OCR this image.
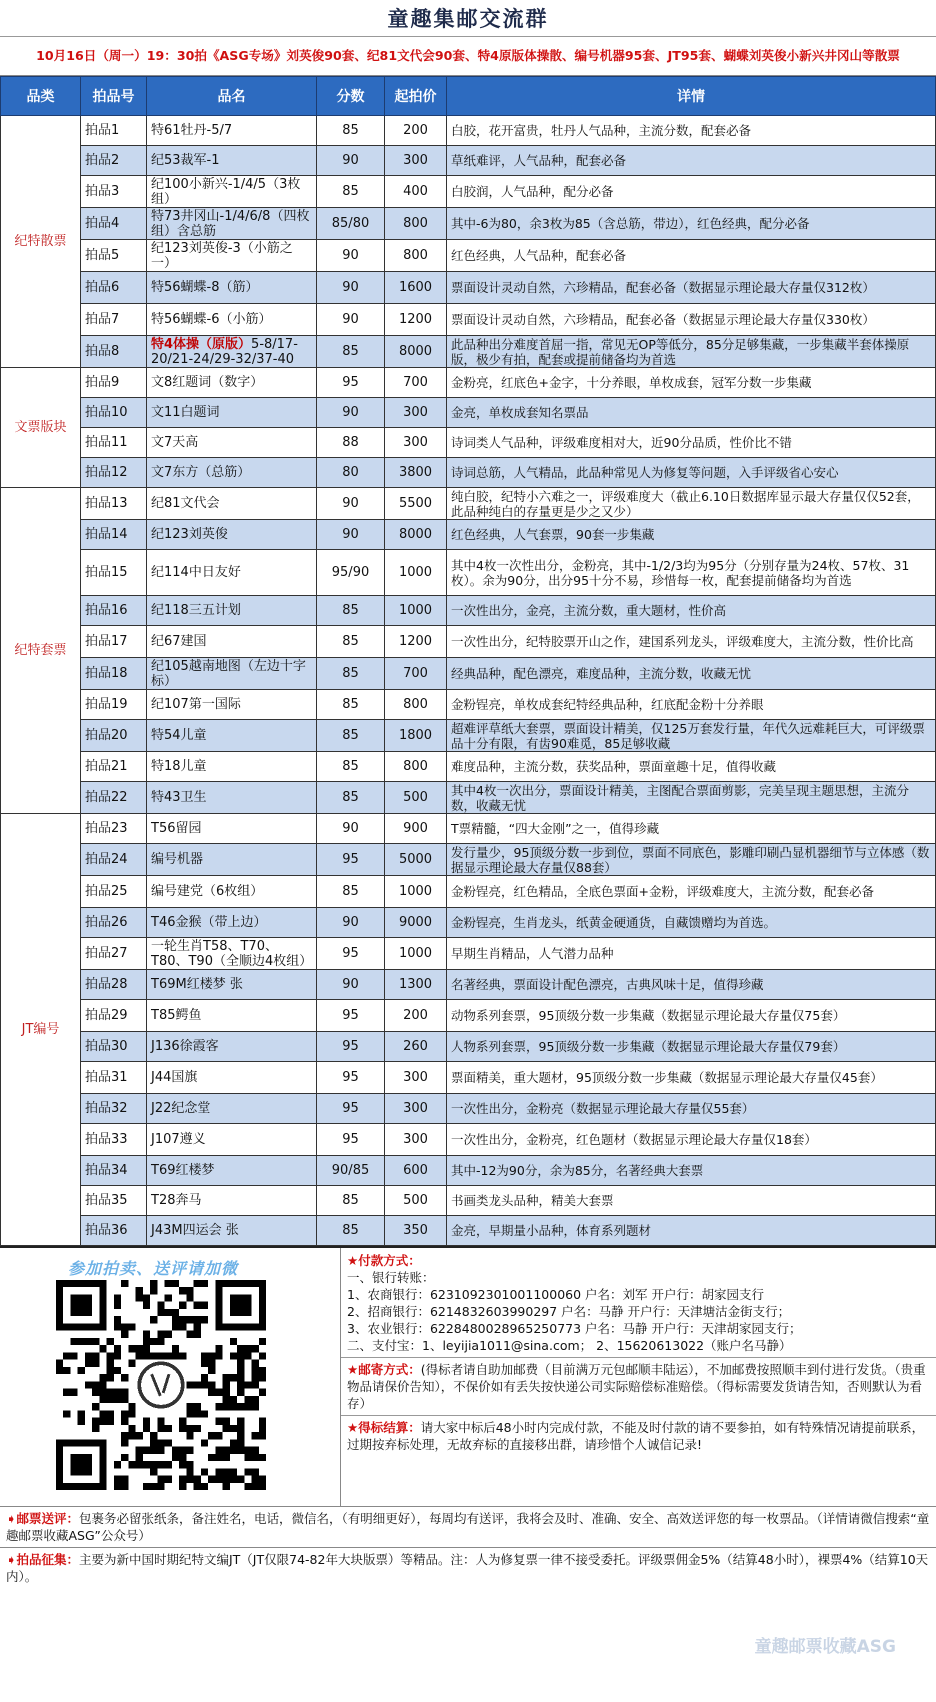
童趣集邮交流群
10月16日（周一）19：30拍《ASG专场》刘英俊90套、纪81文代会90套、特4原版体操散、编号机器95套、JT95套、蝴蝶刘英俊小新兴井冈山等散票
品类	拍品号	品名	分数	起拍价	详情
纪特散票	拍品1	特61牡丹-5/7	85	200	白胶，花开富贵，牡丹人气品种，主流分数，配套必备
	拍品2	纪53裁军-1	90	300	草纸难评，人气品种，配套必备
	拍品3	纪100小新兴-1/4/5（3枚组）	85	400	白胶润，人气品种，配分必备
	拍品4	特73井冈山-1/4/6/8（四枚组）含总筋	85/80	800	其中-6为80，余3枚为85（含总筋，带边），红色经典，配分必备
	拍品5	纪123刘英俊-3（小筋之一）	90	800	红色经典，人气品种，配套必备
	拍品6	特56蝴蝶-8（筋）	90	1600	票面设计灵动自然，六珍精品，配套必备（数据显示理论最大存量仅312枚）
	拍品7	特56蝴蝶-6（小筋）	90	1200	票面设计灵动自然，六珍精品，配套必备（数据显示理论最大存量仅330枚）
	拍品8	特4体操（原版）5-8/17-20/21-24/29-32/37-40	85	8000	此品种出分难度首屈一指，常见无OP等低分，85分足够集藏，一步集藏半套体操原版，极少有拍，配套或提前储备均为首选
文票版块	拍品9	文8红题词（数字）	95	700	金粉亮，红底色+金字，十分养眼，单枚成套，冠军分数一步集藏
	拍品10	文11白题词	90	300	金亮，单枚成套知名票品
	拍品11	文7天高	88	300	诗词类人气品种，评级难度相对大，近90分品质，性价比不错
	拍品12	文7东方（总筋）	80	3800	诗词总筋，人气精品，此品种常见人为修复等问题，入手评级省心安心
纪特套票	拍品13	纪81文代会	90	5500	纯白胶，纪特小六难之一，评级难度大（截止6.10日数据库显示最大存量仅仅52套，此品种纯白的存量更是少之又少）
	拍品14	纪123刘英俊	90	8000	红色经典，人气套票，90套一步集藏
	拍品15	纪114中日友好	95/90	1000	其中4枚一次性出分，金粉亮，其中-1/2/3均为95分（分别存量为24枚、57枚、31枚）。余为90分，出分95十分不易，珍惜每一枚，配套提前储备均为首选
	拍品16	纪118三五计划	85	1000	一次性出分，金亮，主流分数，重大题材，性价高
	拍品17	纪67建国	85	1200	一次性出分，纪特胶票开山之作，建国系列龙头，评级难度大，主流分数，性价比高
	拍品18	纪105越南地图（左边十字标）	85	700	经典品种，配色漂亮，难度品种，主流分数，收藏无忧
	拍品19	纪107第一国际	85	800	金粉锃亮，单枚成套纪特经典品种，红底配金粉十分养眼
	拍品20	特54儿童	85	1800	超难评草纸大套票，票面设计精美，仅125万套发行量，年代久远难耗巨大，可评级票品十分有限，有齿90难觅，85足够收藏
	拍品21	特18儿童	85	800	难度品种，主流分数，获奖品种，票面童趣十足，值得收藏
	拍品22	特43卫生	85	500	其中4枚一次出分，票面设计精美，主图配合票面剪影，完美呈现主题思想，主流分数，收藏无忧
JT编号	拍品23	T56留园	90	900	T票精髓，“四大金刚”之一，值得珍藏
	拍品24	编号机器	95	5000	发行量少，95顶级分数一步到位，票面不同底色，影雕印刷凸显机器细节与立体感（数据显示理论最大存量仅88套）
	拍品25	编号建党（6枚组）	85	1000	金粉锃亮，红色精品，全底色票面+金粉，评级难度大，主流分数，配套必备
	拍品26	T46金猴（带上边）	90	9000	金粉锃亮，生肖龙头，纸黄金硬通货，自藏馈赠均为首选。
	拍品27	一轮生肖T58、T70、T80、T90（全顺边4枚组）	95	1000	早期生肖精品，人气潜力品种
	拍品28	T69M红楼梦 张	90	1300	名著经典，票面设计配色漂亮，古典风味十足，值得珍藏
	拍品29	T85鳄鱼	95	200	动物系列套票，95顶级分数一步集藏（数据显示理论最大存量仅75套）
	拍品30	J136徐霞客	95	260	人物系列套票，95顶级分数一步集藏（数据显示理论最大存量仅79套）
	拍品31	J44国旗	95	300	票面精美，重大题材，95顶级分数一步集藏（数据显示理论最大存量仅45套）
	拍品32	J22纪念堂	95	300	一次性出分，金粉亮（数据显示理论最大存量仅55套）
	拍品33	J107遵义	95	300	一次性出分，金粉亮，红色题材（数据显示理论最大存量仅18套）
	拍品34	T69红楼梦	90/85	600	其中-12为90分，余为85分，名著经典大套票
	拍品35	T28奔马	85	500	书画类龙头品种，精美大套票
	拍品36	J43M四运会 张	85	350	金亮，早期量小品种，体育系列题材
参加拍卖、送评请加微	★付款方式：
一、银行转账：
1、农商银行：6231092301001100060 户名：刘军 开户行：胡家园支行
2、招商银行：6214832603990297 户名：马静 开户行：天津塘沽金街支行；
3、农业银行：6228480028965250773 户名：马静 开户行：天津胡家园支行；
二、支付宝：1、leyijia1011@sina.com； 2、15620613022（账户名马静）
★邮寄方式：(得标者请自助加邮费（目前满万元包邮顺丰陆运），不加邮费按照顺丰到付进行发货。（贵重物品请保价告知），不保价如有丢失按快递公司实际赔偿标准赔偿。（得标需要发货请告知，否则默认为看存）
★得标结算：请大家中标后48小时内完成付款，不能及时付款的请不要参拍，如有特殊情况请提前联系，过期按弃标处理，无故弃标的直接移出群，请珍惜个人诚信记录!
➧邮票送评：包裹务必留张纸条，备注姓名，电话，微信名，（有明细更好），每周均有送评，我将会及时、准确、安全、高效送评您的每一枚票品。（详情请微信搜索“童趣邮票收藏ASG”公众号）
➧拍品征集：主要为新中国时期纪特文编JT（JT仅限74-82年大块版票）等精品。注：人为修复票一律不接受委托。评级票佣金5%（结算48小时），裸票4%（结算10天内）。
童趣邮票收藏ASG
